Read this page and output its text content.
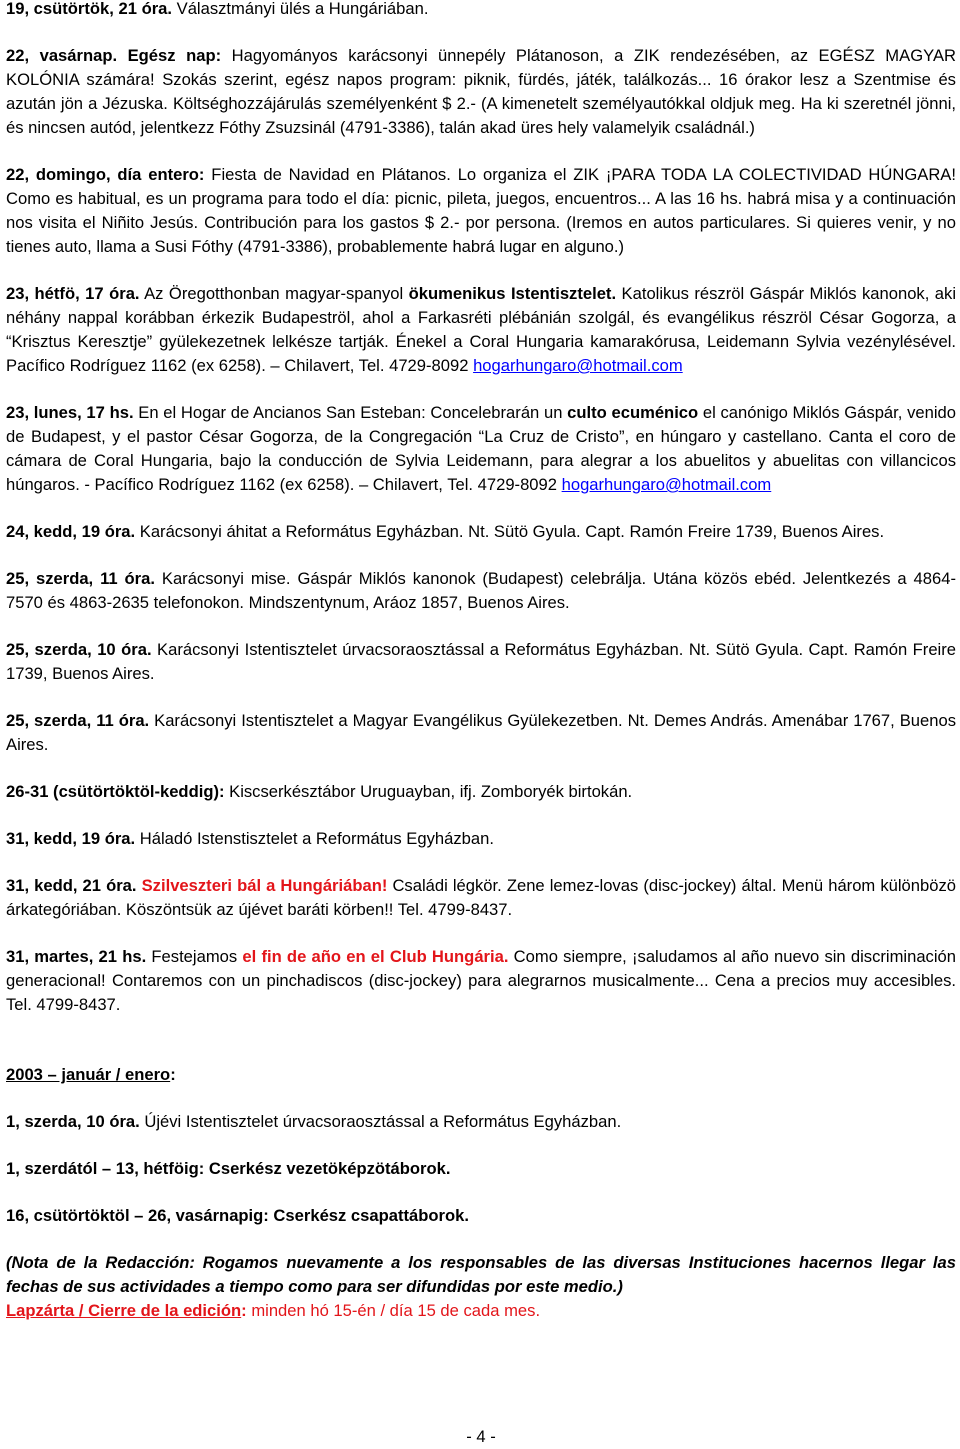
19, csütörtök, 21 óra. Választmányi ülés a Hungáriában.

22, vasárnap. Egész nap: Hagyományos karácsonyi ünnepély Plátanoson, a ZIK rendezésében, az EGÉSZ MAGYAR KOLÓNIA számára! Szokás szerint, egész napos program: piknik, fürdés, játék, találkozás... 16 órakor lesz a Szentmise és azután jön a Jézuska. Költséghozzájárulás személyenként $ 2.- (A kimenetelt személyautókkal oldjuk meg. Ha ki szeretnél jönni, és nincsen autód, jelentkezz Fóthy Zsuzsinál (4791-3386), talán akad üres hely valamelyik családnál.)

22, domingo, día entero: Fiesta de Navidad en Plátanos. Lo organiza el ZIK ¡PARA TODA LA COLECTIVIDAD HÚNGARA! Como es habitual, es un programa para todo el día: picnic, pileta, juegos, encuentros... A las 16 hs. habrá misa y a continuación nos visita el Niñito Jesús. Contribución para los gastos $ 2.- por persona. (Iremos en autos particulares. Si quieres venir, y no tienes auto, llama a Susi Fóthy (4791-3386), probablemente habrá lugar en alguno.)

23, hétfö, 17 óra. Az Öregotthonban magyar-spanyol ökumenikus Istentisztelet. Katolikus részröl Gáspár Miklós kanonok, aki néhány nappal korábban érkezik Budapeströl, ahol a Farkasréti plébánián szolgál, és evangélikus részröl César Gogorza, a “Krisztus Keresztje” gyülekezetnek lelkésze tartják. Énekel a Coral Hungaria kamarakórusa, Leidemann Sylvia vezénylésével. Pacífico Rodríguez 1162 (ex 6258). – Chilavert, Tel. 4729-8092 hogarhungaro@hotmail.com

23, lunes, 17 hs. En el Hogar de Ancianos San Esteban: Concelebrarán un culto ecuménico el canónigo Miklós Gáspár, venido de Budapest, y el pastor César Gogorza, de la Congregación “La Cruz de Cristo”, en húngaro y castellano. Canta el coro de cámara de Coral Hungaria, bajo la conducción de Sylvia Leidemann, para alegrar a los abuelitos y abuelitas con villancicos húngaros. - Pacífico Rodríguez 1162 (ex 6258). – Chilavert, Tel. 4729-8092 hogarhungaro@hotmail.com

24, kedd, 19 óra. Karácsonyi áhitat a Református Egyházban. Nt. Sütö Gyula. Capt. Ramón Freire 1739, Buenos Aires.

25, szerda, 11 óra. Karácsonyi mise. Gáspár Miklós kanonok (Budapest) celebrálja. Utána közös ebéd. Jelentkezés a 4864-7570 és 4863-2635 telefonokon. Mindszentynum, Aráoz 1857, Buenos Aires.

25, szerda, 10 óra. Karácsonyi Istentisztelet úrvacsoraosztással a Református Egyházban. Nt. Sütö Gyula. Capt. Ramón Freire 1739, Buenos Aires.

25, szerda, 11 óra. Karácsonyi Istentisztelet a Magyar Evangélikus Gyülekezetben. Nt. Demes András. Amenábar 1767, Buenos Aires.

26-31 (csütörtöktöl-keddig): Kiscserkésztábor Uruguayban, ifj. Zomboryék birtokán.

31, kedd, 19 óra. Háladó Istenstisztelet a Református Egyházban.

31, kedd, 21 óra. Szilveszteri bál a Hungáriában! Családi légkör. Zene lemez-lovas (disc-jockey) által. Menü három különbözö árkategóriában. Köszöntsük az újévet baráti körben!! Tel. 4799-8437.

31, martes, 21 hs. Festejamos el fin de año en el Club Hungária. Como siempre, ¡saludamos al año nuevo sin discriminación generacional! Contaremos con un pinchadiscos (disc-jockey) para alegrarnos musicalmente... Cena a precios muy accesibles. Tel. 4799-8437.

2003 – január / enero:

1, szerda, 10 óra. Újévi Istentisztelet úrvacsoraosztással a Református Egyházban.

1, szerdától – 13, hétföig: Cserkész vezetöképzötáborok.

16, csütörtöktöl – 26, vasárnapig: Cserkész csapattáborok.

(Nota de la Redacción: Rogamos nuevamente a los responsables de las diversas Instituciones hacernos llegar las fechas de sus actividades a tiempo como para ser difundidas por este medio.)

Lapzárta / Cierre de la edición: minden hó 15-én / día 15 de cada mes.

- 4 -
